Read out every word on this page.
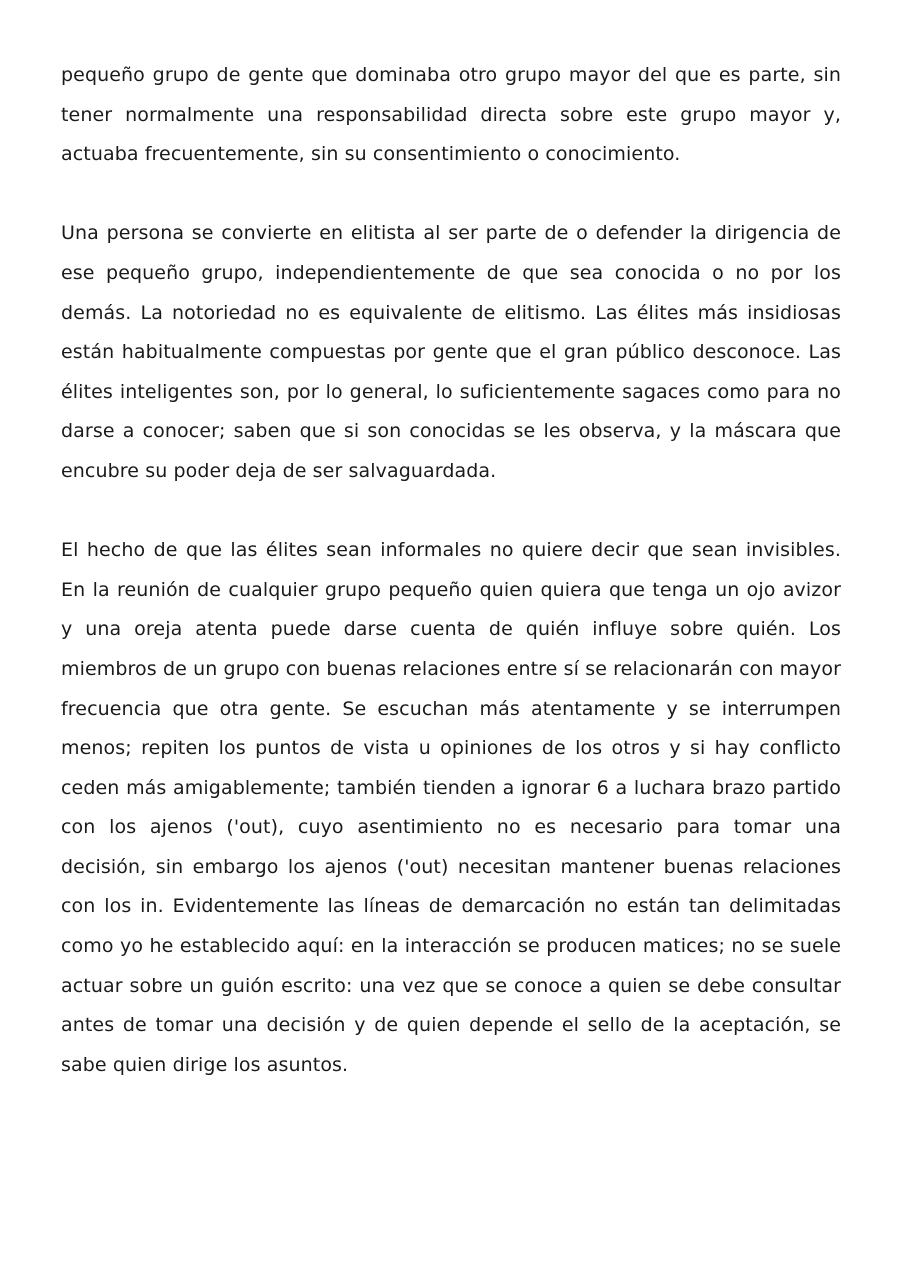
pequeño grupo de gente que dominaba otro grupo mayor del que es parte, sin tener normalmente una responsabilidad directa sobre este grupo mayor y, actuaba frecuentemente, sin su consentimiento o conocimiento.

Una persona se convierte en elitista al ser parte de o defender la dirigencia de ese pequeño grupo, independientemente de que sea conocida o no por los demás. La notoriedad no es equivalente de elitismo. Las élites más insidiosas están habitualmente compuestas por gente que el gran público desconoce. Las élites inteligentes son, por lo general, lo suficientemente sagaces como para no darse a conocer; saben que si son conocidas se les observa, y la máscara que encubre su poder deja de ser salvaguardada.

El hecho de que las élites sean informales no quiere decir que sean invisibles. En la reunión de cualquier grupo pequeño quien quiera que tenga un ojo avizor y una oreja atenta puede darse cuenta de quién influye sobre quién. Los miembros de un grupo con buenas relaciones entre sí se relacionarán con mayor frecuencia que otra gente. Se escuchan más atentamente y se interrumpen menos; repiten los puntos de vista u opiniones de los otros y si hay conflicto ceden más amigablemente; también tienden a ignorar 6 a luchara brazo partido con los ajenos ('out), cuyo asentimiento no es necesario para tomar una decisión, sin embargo los ajenos ('out) necesitan mantener buenas relaciones con los in. Evidentemente las líneas de demarcación no están tan delimitadas como yo he establecido aquí: en la interacción se producen matices; no se suele actuar sobre un guión escrito: una vez que se conoce a quien se debe consultar antes de tomar una decisión y de quien depende el sello de la aceptación, se sabe quien dirige los asuntos.
